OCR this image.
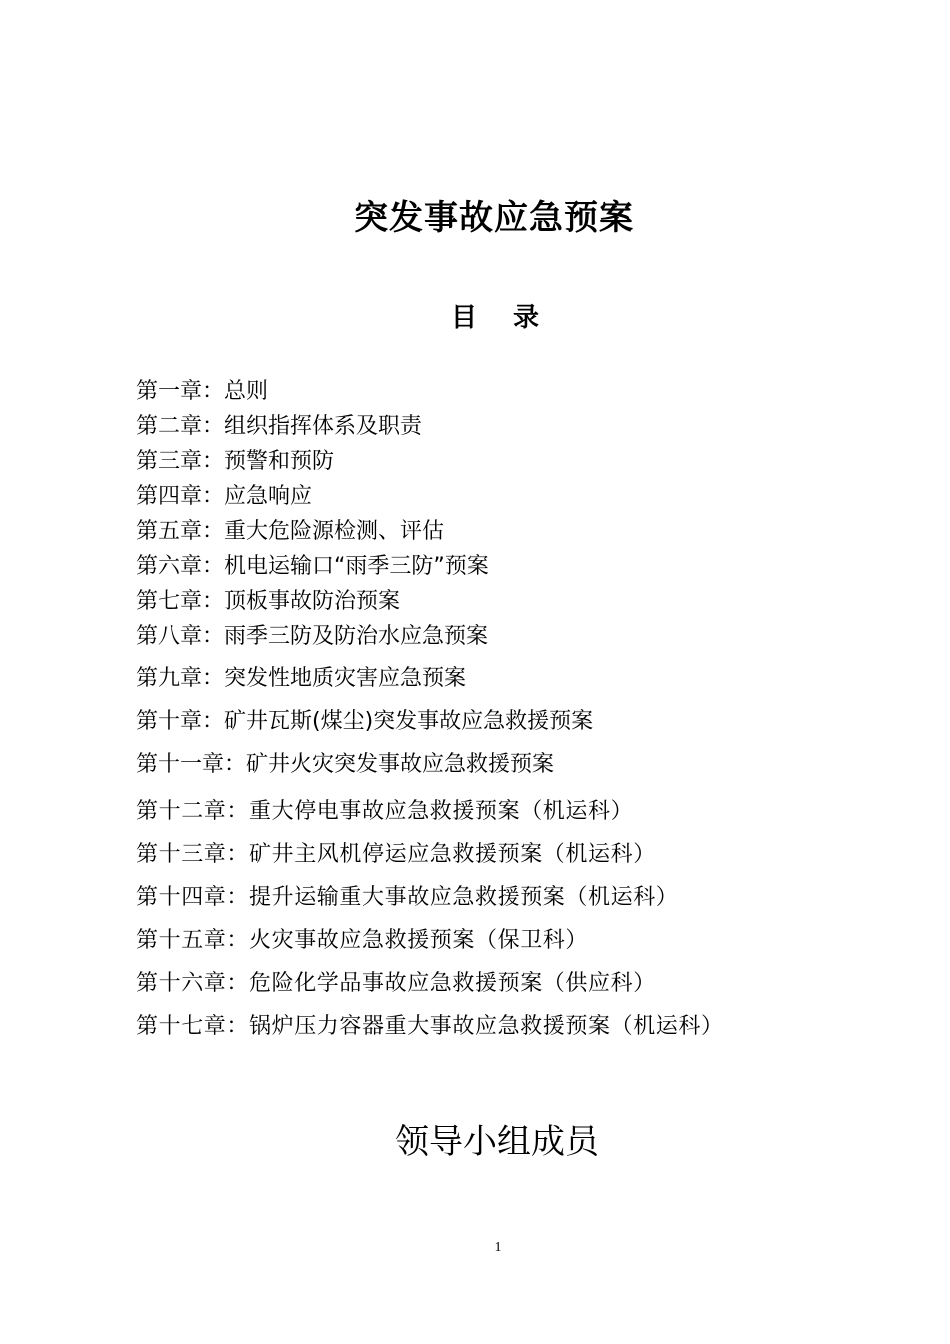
突发事故应急预案
目 录
第一章：总则
第二章：组织指挥体系及职责
第三章：预警和预防
第四章：应急响应
第五章：重大危险源检测、评估
第六章：机电运输口“雨季三防”预案
第七章：顶板事故防治预案
第八章：雨季三防及防治水应急预案
第九章：突发性地质灾害应急预案
第十章：矿井瓦斯(煤尘)突发事故应急救援预案
第十一章：矿井火灾突发事故应急救援预案
第十二章：重大停电事故应急救援预案（机运科）
第十三章：矿井主风机停运应急救援预案（机运科）
第十四章：提升运输重大事故应急救援预案（机运科）
第十五章：火灾事故应急救援预案（保卫科）
第十六章：危险化学品事故应急救援预案（供应科）
第十七章：锅炉压力容器重大事故应急救援预案（机运科）
领导小组成员
1
